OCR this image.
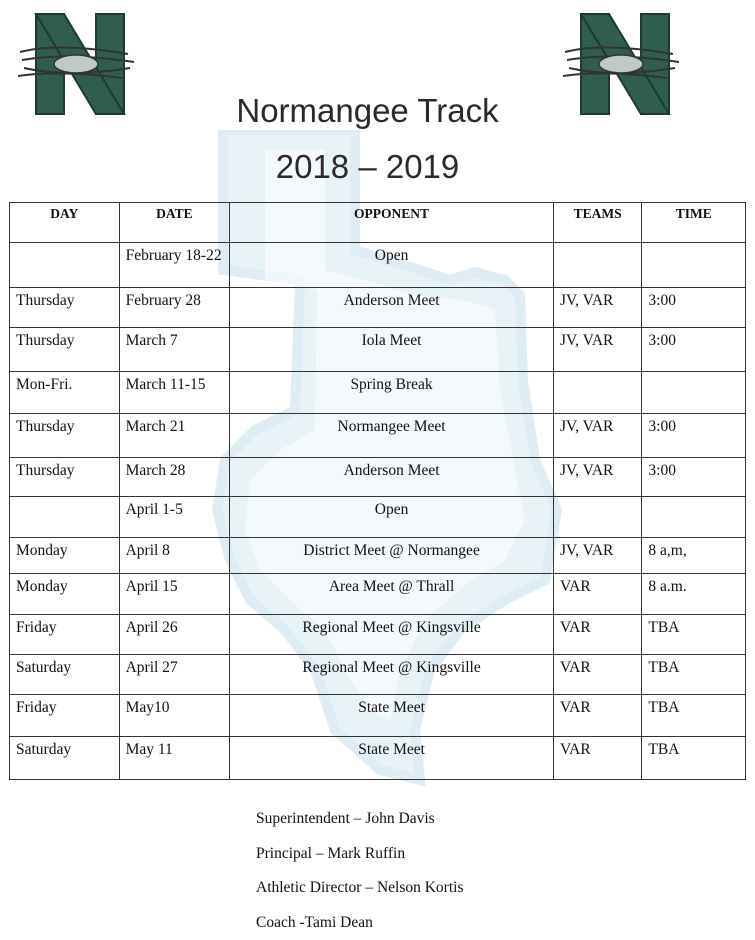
Normangee Track
2018 – 2019
DAY	DATE	OPPONENT	TEAMS	TIME
	February 18-22	Open		
Thursday	February 28	Anderson Meet	JV, VAR	3:00
Thursday	March 7	Iola Meet	JV, VAR	3:00
Mon-Fri.	March 11-15	Spring Break		
Thursday	March 21	Normangee Meet	JV, VAR	3:00
Thursday	March 28	Anderson Meet	JV, VAR	3:00
	April 1-5	Open		
Monday	April 8	District Meet @ Normangee	JV, VAR	8 a,m,
Monday	April 15	Area Meet @ Thrall	VAR	8 a.m.
Friday	April 26	Regional Meet @ Kingsville	VAR	TBA
Saturday	April 27	Regional Meet @ Kingsville	VAR	TBA
Friday	May10	State Meet	VAR	TBA
Saturday	May 11	State Meet	VAR	TBA
Superintendent – John Davis
Principal – Mark Ruffin
Athletic Director – Nelson Kortis
Coach -Tami Dean
